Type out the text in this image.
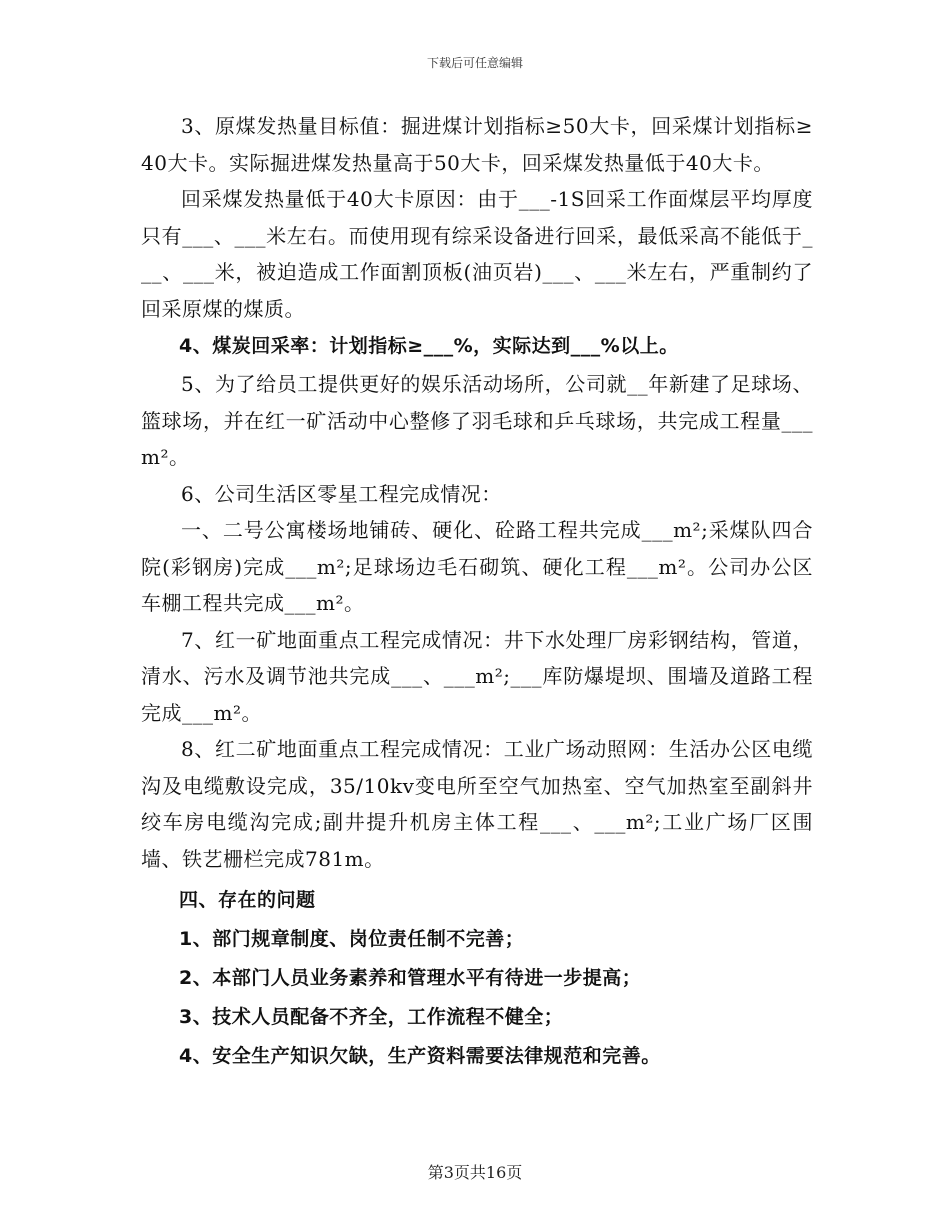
下载后可任意编辑

3、原煤发热量目标值：掘进煤计划指标≥50大卡，回采煤计划指标≥40大卡。实际掘进煤发热量高于50大卡，回采煤发热量低于40大卡。

回采煤发热量低于40大卡原因：由于___-1S回采工作面煤层平均厚度只有___、___米左右。而使用现有综采设备进行回采，最低采高不能低于___、___米，被迫造成工作面割顶板(油页岩)___、___米左右，严重制约了回采原煤的煤质。

4、煤炭回采率：计划指标≥___%，实际达到___%以上。

5、为了给员工提供更好的娱乐活动场所，公司就__年新建了足球场、篮球场，并在红一矿活动中心整修了羽毛球和乒乓球场，共完成工程量___m²。

6、公司生活区零星工程完成情况：

一、二号公寓楼场地铺砖、硬化、砼路工程共完成___m²;采煤队四合院(彩钢房)完成___m²;足球场边毛石砌筑、硬化工程___m²。公司办公区车棚工程共完成___m²。

7、红一矿地面重点工程完成情况：井下水处理厂房彩钢结构，管道，清水、污水及调节池共完成___、___m²;___库防爆堤坝、围墙及道路工程完成___m²。

8、红二矿地面重点工程完成情况：工业广场动照网：生活办公区电缆沟及电缆敷设完成，35/10kv变电所至空气加热室、空气加热室至副斜井绞车房电缆沟完成;副井提升机房主体工程___、___m²;工业广场厂区围墙、铁艺栅栏完成781m。

四、存在的问题

1、部门规章制度、岗位责任制不完善；

2、本部门人员业务素养和管理水平有待进一步提高；

3、技术人员配备不齐全，工作流程不健全；

4、安全生产知识欠缺，生产资料需要法律规范和完善。

第3页共16页
